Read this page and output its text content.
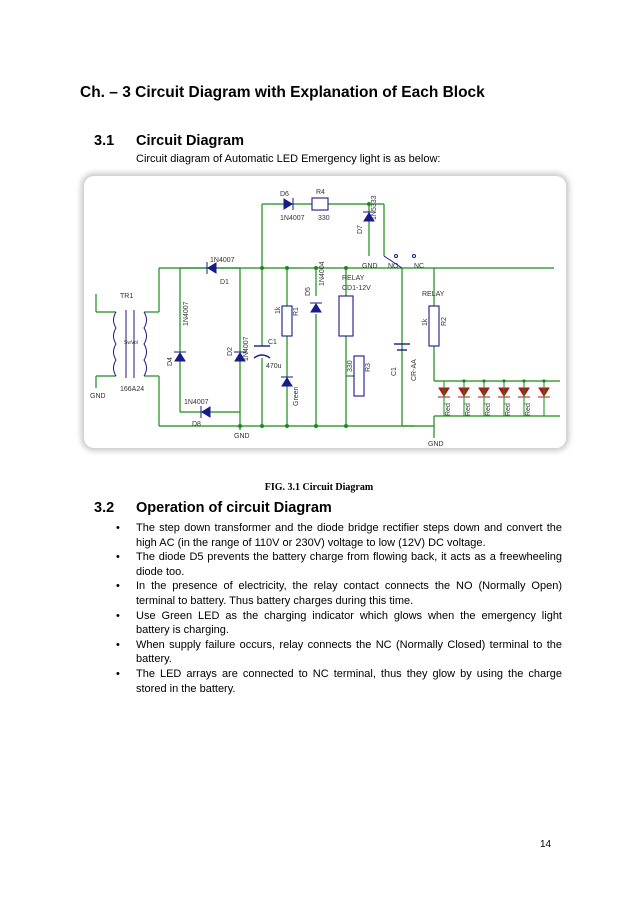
Ch. – 3 Circuit Diagram with Explanation of Each Block
3.1 Circuit Diagram
Circuit diagram of Automatic LED Emergency light is as below:
TR1
SwVol
166A24
GND
D6
1N4007
R4
330
D7
1N5333
GND
D5
1N4004 RELAY
CD1-12V
NO NC
RELAY
C1
470u
1k R1
Green
330 R3
1k R2
C1 CR-AA
1N4007
D1
1N4007
D4
1N4007
D2
1N4007
D8
GND
GND
Red Red Red Red Red
FIG. 3.1 Circuit Diagram
3.2 Operation of circuit Diagram
• The step down transformer and the diode bridge rectifier steps down and convert the high AC (in the range of 110V or 230V) voltage to low (12V) DC voltage.
• The diode D5 prevents the battery charge from flowing back, it acts as a freewheeling diode too.
• In the presence of electricity, the relay contact connects the NO (Normally Open) terminal to battery. Thus battery charges during this time.
• Use Green LED as the charging indicator which glows when the emergency light battery is charging.
• When supply failure occurs, relay connects the NC (Normally Closed) terminal to the battery.
• The LED arrays are connected to NC terminal, thus they glow by using the charge stored in the battery.
14
